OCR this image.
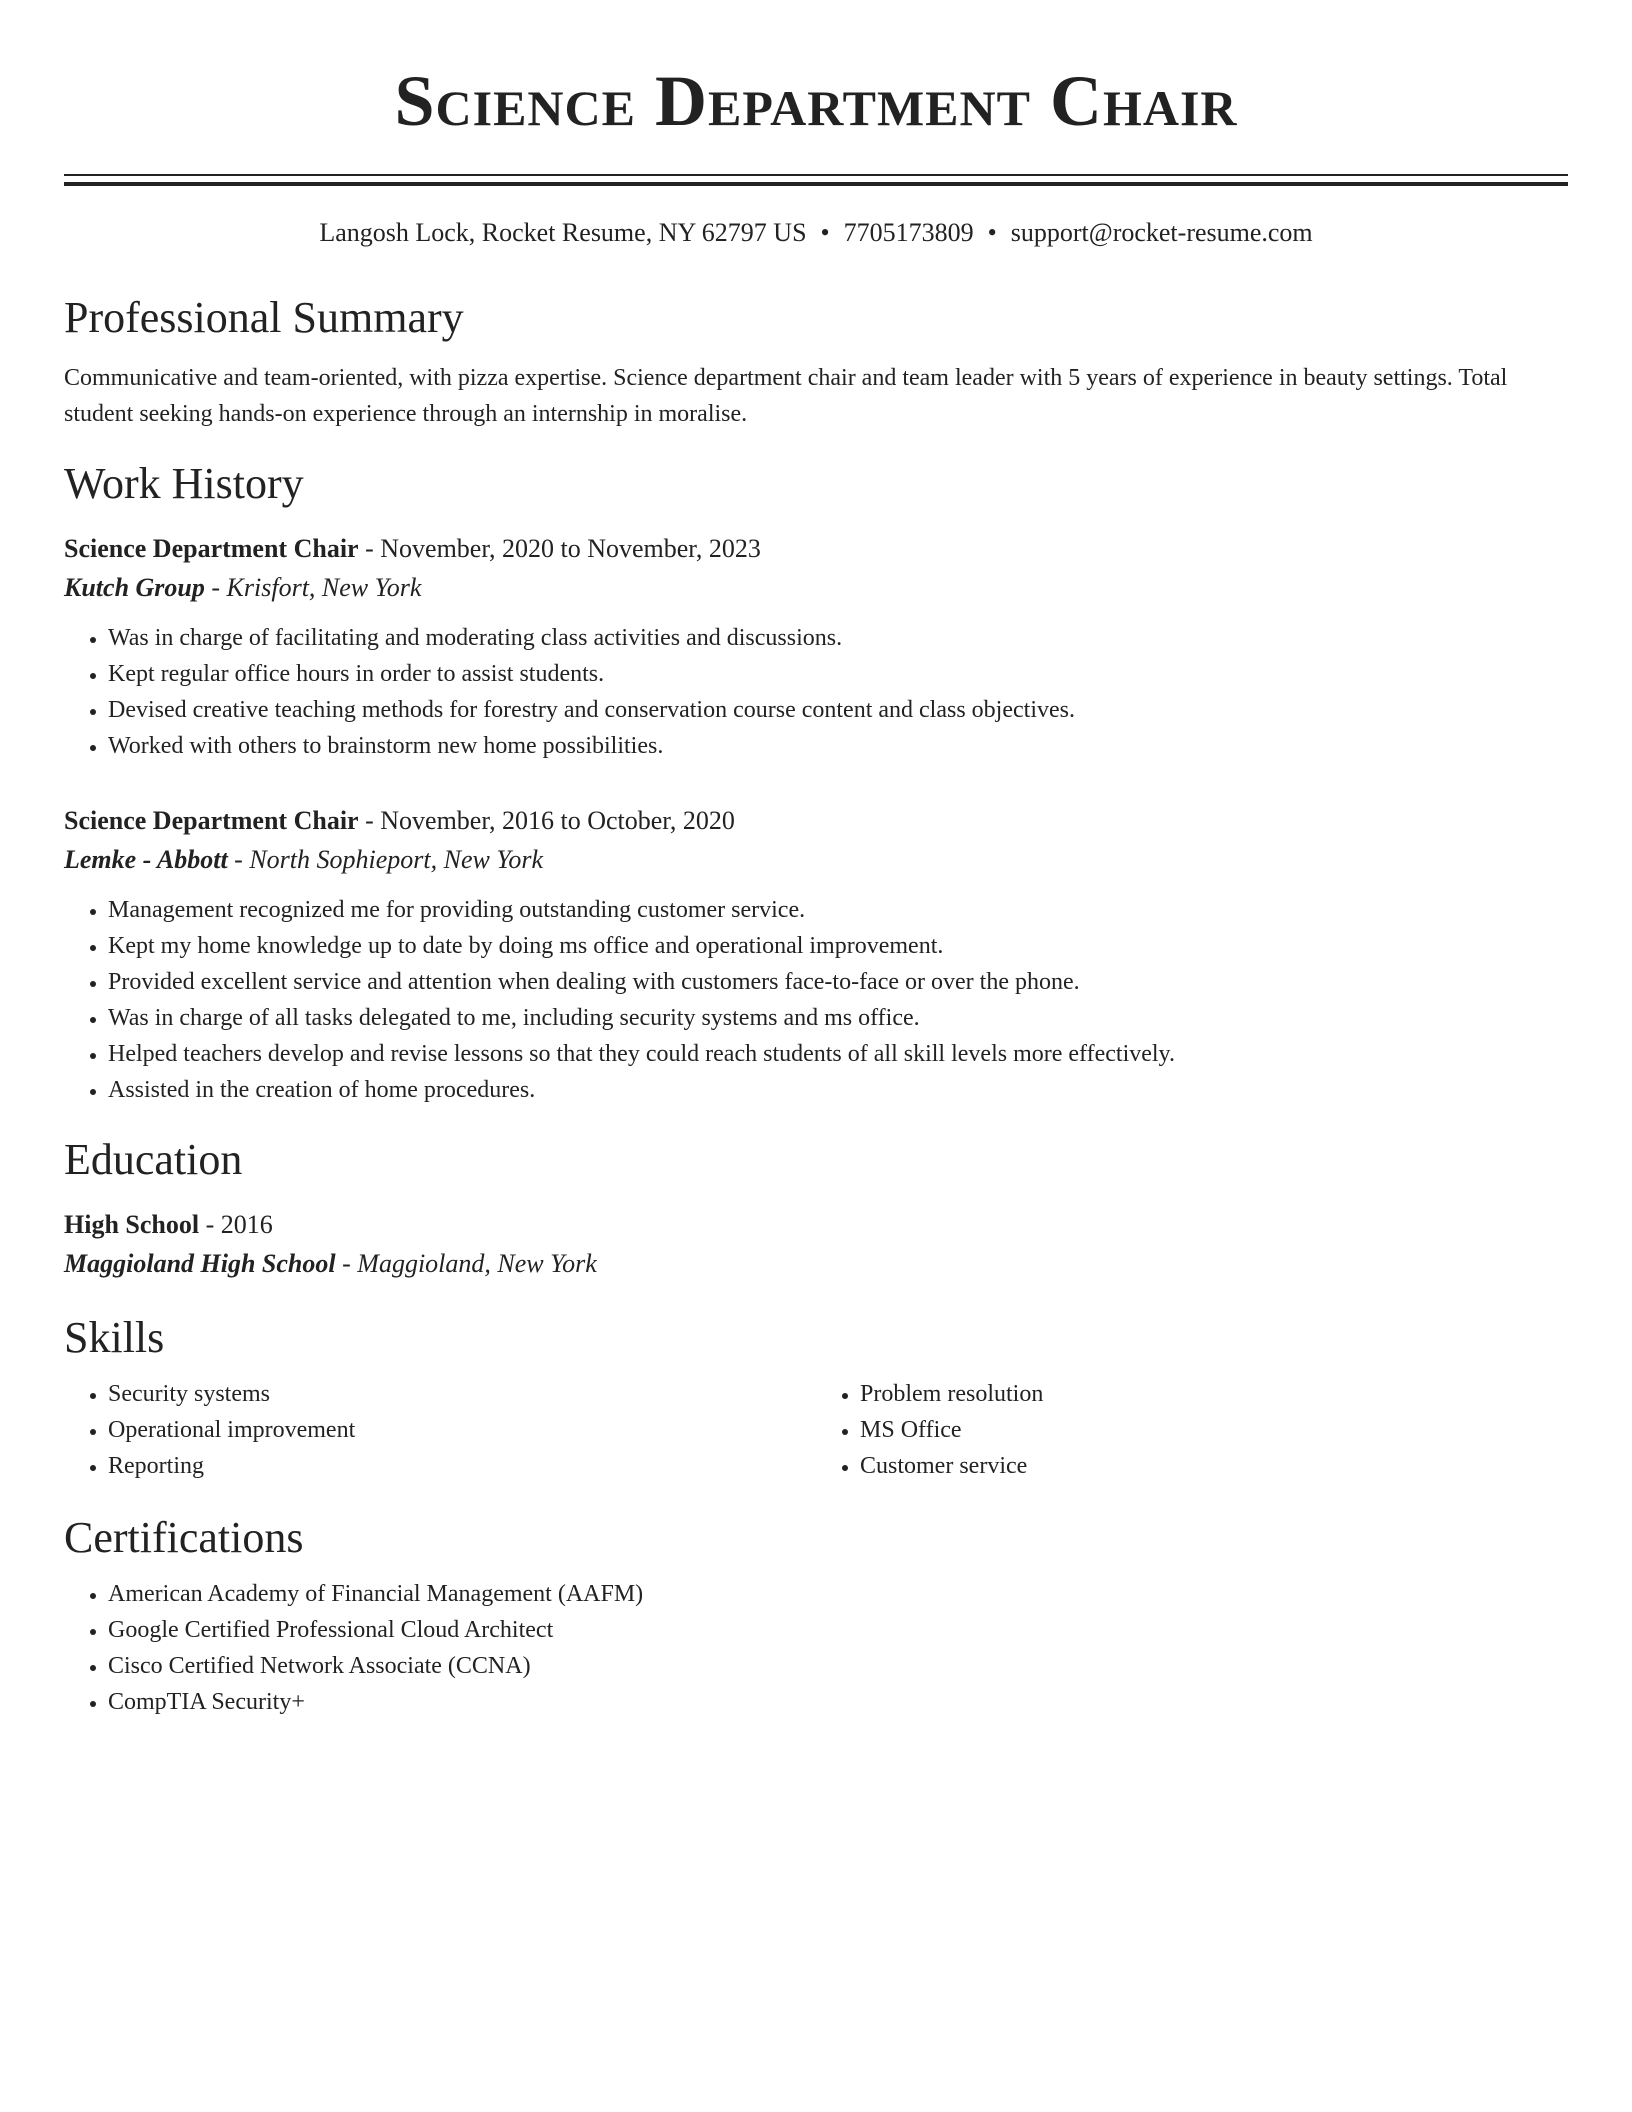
Science Department Chair
Langosh Lock, Rocket Resume, NY 62797 US • 7705173809 • support@rocket-resume.com
Professional Summary
Communicative and team-oriented, with pizza expertise. Science department chair and team leader with 5 years of experience in beauty settings. Total student seeking hands-on experience through an internship in moralise.
Work History
Science Department Chair - November, 2020 to November, 2023
Kutch Group - Krisfort, New York
• Was in charge of facilitating and moderating class activities and discussions.
• Kept regular office hours in order to assist students.
• Devised creative teaching methods for forestry and conservation course content and class objectives.
• Worked with others to brainstorm new home possibilities.
Science Department Chair - November, 2016 to October, 2020
Lemke - Abbott - North Sophieport, New York
• Management recognized me for providing outstanding customer service.
• Kept my home knowledge up to date by doing ms office and operational improvement.
• Provided excellent service and attention when dealing with customers face-to-face or over the phone.
• Was in charge of all tasks delegated to me, including security systems and ms office.
• Helped teachers develop and revise lessons so that they could reach students of all skill levels more effectively.
• Assisted in the creation of home procedures.
Education
High School - 2016
Maggioland High School - Maggioland, New York
Skills
• Security systems
• Operational improvement
• Reporting
• Problem resolution
• MS Office
• Customer service
Certifications
• American Academy of Financial Management (AAFM)
• Google Certified Professional Cloud Architect
• Cisco Certified Network Associate (CCNA)
• CompTIA Security+
